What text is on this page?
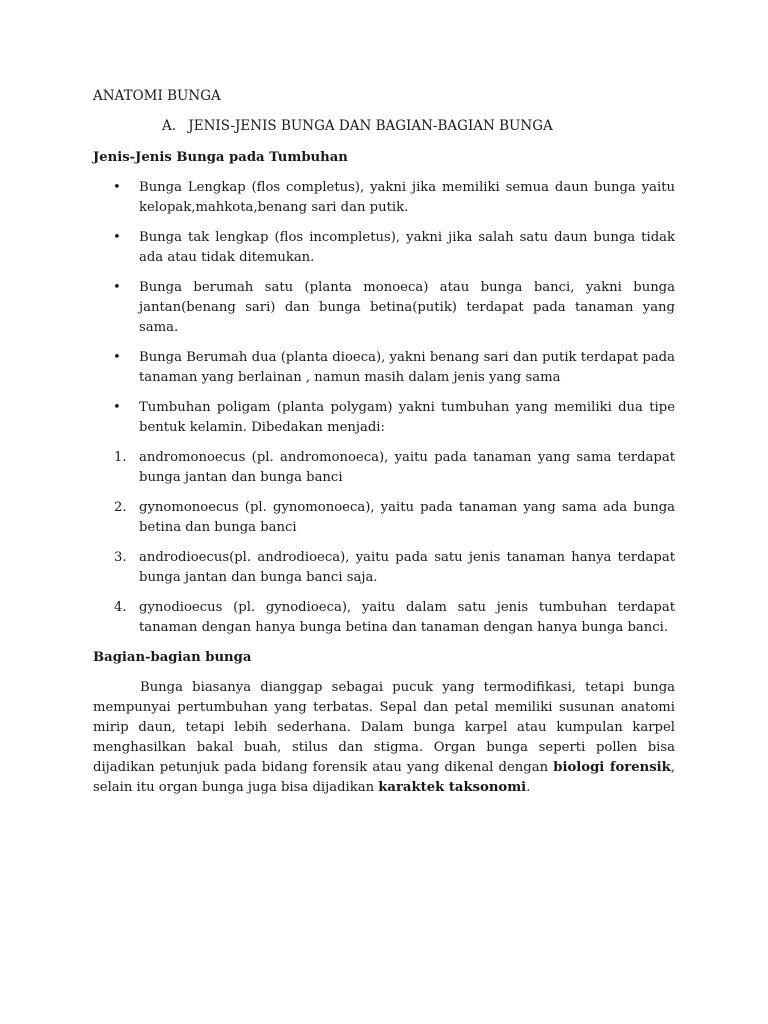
ANATOMI BUNGA
A. JENIS-JENIS BUNGA DAN BAGIAN-BAGIAN BUNGA
Jenis-Jenis Bunga pada Tumbuhan
•	Bunga Lengkap (flos completus), yakni jika memiliki semua daun bunga yaitu kelopak,mahkota,benang sari dan putik.
•	Bunga tak lengkap (flos incompletus), yakni jika salah satu daun bunga tidak ada atau tidak ditemukan.
•	Bunga berumah satu (planta monoeca) atau bunga banci, yakni bunga jantan(benang sari) dan bunga betina(putik) terdapat pada tanaman yang sama.
•	Bunga Berumah dua (planta dioeca), yakni benang sari dan putik terdapat pada tanaman yang berlainan , namun masih dalam jenis yang sama
•	Tumbuhan poligam (planta polygam) yakni tumbuhan yang memiliki dua tipe bentuk kelamin. Dibedakan menjadi:
1. andromonoecus (pl. andromonoeca), yaitu pada tanaman yang sama terdapat bunga jantan dan bunga banci
2. gynomonoecus (pl. gynomonoeca), yaitu pada tanaman yang sama ada bunga betina dan bunga banci
3. androdioecus(pl. androdioeca), yaitu pada satu jenis tanaman hanya terdapat bunga jantan dan bunga banci saja.
4. gynodioecus (pl. gynodioeca), yaitu dalam satu jenis tumbuhan terdapat tanaman dengan hanya bunga betina dan tanaman dengan hanya bunga banci.
Bagian-bagian bunga

Bunga biasanya dianggap sebagai pucuk yang termodifikasi, tetapi bunga mempunyai pertumbuhan yang terbatas. Sepal dan petal memiliki susunan anatomi mirip daun, tetapi lebih sederhana. Dalam bunga karpel atau kumpulan karpel menghasilkan bakal buah, stilus dan stigma. Organ bunga seperti pollen bisa dijadikan petunjuk pada bidang forensik atau yang dikenal dengan biologi forensik, selain itu organ bunga juga bisa dijadikan karaktek taksonomi.
